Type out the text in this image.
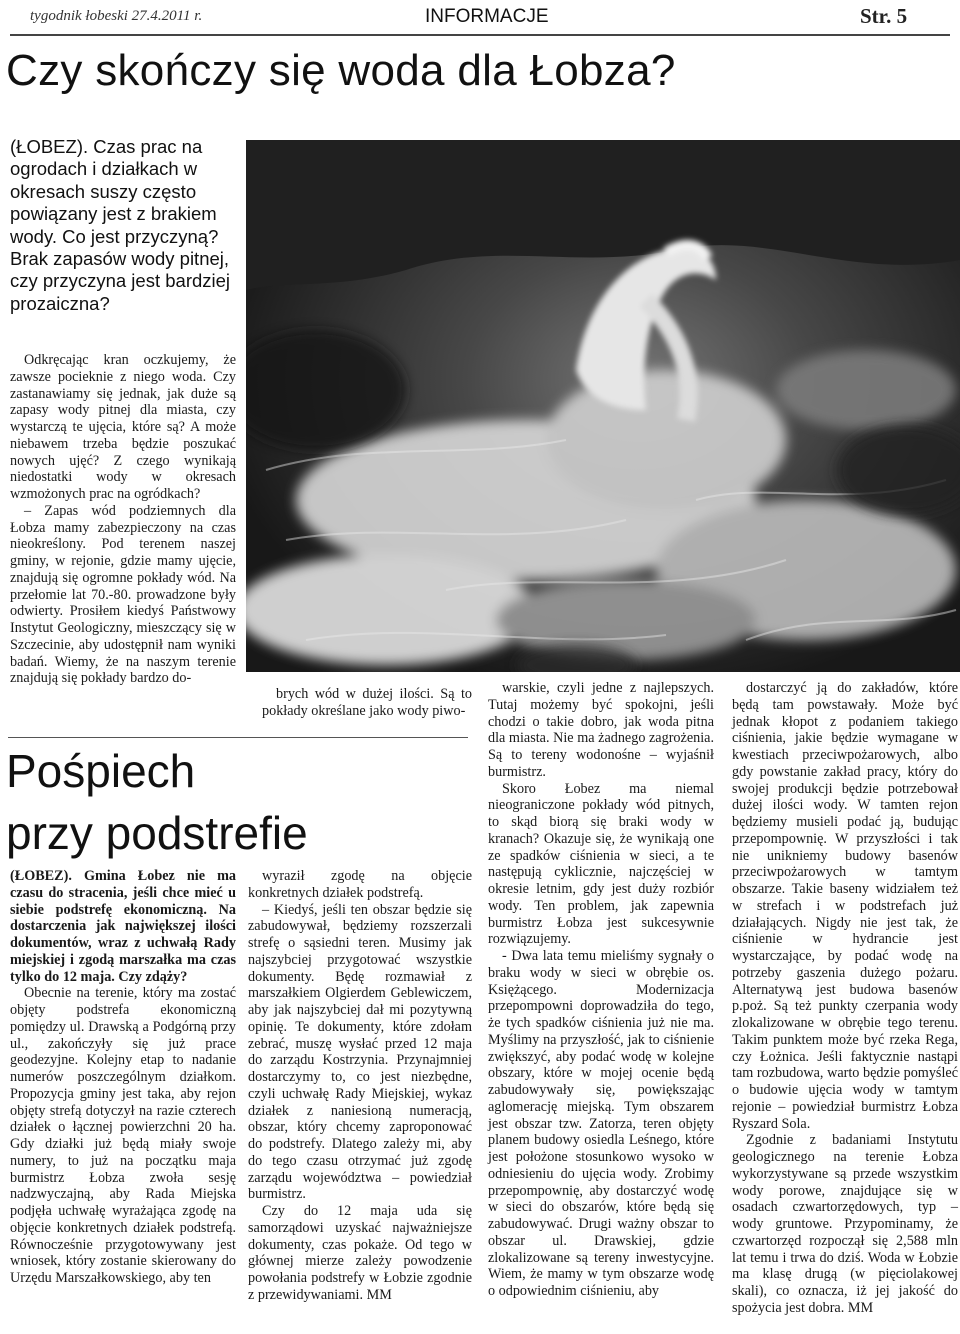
tygodnik łobeski 27.4.2011 r.	INFORMACJE	Str. 5
Czy skończy się woda dla Łobza?
(ŁOBEZ). Czas prac na ogrodach i działkach w okresach suszy często powiązany jest z brakiem wody. Co jest przyczyną? Brak zapasów wody pitnej, czy przyczyna jest bardziej prozaiczna?

Odkręcając kran oczkujemy, że zawsze pocieknie z niego woda. Czy zastanawiamy się jednak, jak duże są zapasy wody pitnej dla miasta, czy wystarczą te ujęcia, które są? A może niebawem trzeba będzie poszukać nowych ujęć? Z czego wynikają niedostatki wody w okresach wzmożonych prac na ogródkach?

– Zapas wód podziemnych dla Łobza mamy zabezpieczony na czas nieokreślony. Pod terenem naszej gminy, w rejonie, gdzie mamy ujęcie, znajdują się ogromne pokłady wód. Na przełomie lat 70.-80. prowadzone były odwierty. Prosiłem kiedyś Państwowy Instytut Geologiczny, mieszczący się w Szczecinie, aby udostępnił nam wyniki badań. Wiemy, że na naszym terenie znajdują się pokłady bardzo do-

brych wód w dużej ilości. Są to pokłady określane jako wody piwo-

warskie, czyli jedne z najlepszych. Tutaj możemy być spokojni, jeśli chodzi o takie dobro, jak woda pitna dla miasta. Nie ma żadnego zagrożenia. Są to tereny wodonośne – wyjaśnił burmistrz.

Skoro Łobez ma niemal nieograniczone pokłady wód pitnych, to skąd biorą się braki wody w kranach? Okazuje się, że wynikają one ze spadków ciśnienia w sieci, a te następują cyklicznie, najczęściej w okresie letnim, gdy jest duży rozbiór wody. Ten problem, jak zapewnia burmistrz Łobza jest sukcesywnie rozwiązujemy.

- Dwa lata temu mieliśmy sygnały o braku wody w sieci w obrębie os. Księżącego. Modernizacja przepompowni doprowadziła do tego, że tych spadków ciśnienia już nie ma. Myślimy na przyszłość, jak to ciśnienie zwiększyć, aby podać wodę w kolejne obszary, które w mojej ocenie będą zabudowywały się, powiększając aglomerację miejską. Tym obszarem jest obszar tzw. Zatorza, teren objęty planem budowy osiedla Leśnego, które jest położone stosunkowo wysoko w odniesieniu do ujęcia wody. Zrobimy przepompownię, aby dostarczyć wodę w sieci do obszarów, które będą się zabudowywać. Drugi ważny obszar to obszar ul. Drawskiej, gdzie zlokalizowane są tereny inwestycyjne. Wiem, że mamy w tym obszarze wodę o odpowiednim ciśnieniu, aby

dostarczyć ją do zakładów, które będą tam powstawały. Może być jednak kłopot z podaniem takiego ciśnienia, jakie będzie wymagane w kwestiach przeciwpożarowych, albo gdy powstanie zakład pracy, który do swojej produkcji będzie potrzebował dużej ilości wody. W tamten rejon będziemy musieli podać ją, budując przepompownię. W przyszłości i tak nie unikniemy budowy basenów przeciwpożarowych w tamtym obszarze. Takie baseny widziałem też w strefach i w podstrefach już działających. Nigdy nie jest tak, że ciśnienie w hydrancie jest wystarczające, by podać wodę na potrzeby gaszenia dużego pożaru. Alternatywą jest budowa basenów p.poż. Są też punkty czerpania wody zlokalizowane w obrębie tego terenu. Takim punktem może być rzeka Rega, czy Łożnica. Jeśli faktycznie nastąpi tam rozbudowa, warto będzie pomyśleć o budowie ujęcia wody w tamtym rejonie – powiedział burmistrz Łobza Ryszard Sola.

Zgodnie z badaniami Instytutu geologicznego na terenie Łobza wykorzystywane są przede wszystkim wody porowe, znajdujące się w osadach czwartorzędowych, typ – wody gruntowe. Przypominamy, że czwartorzęd rozpoczął się 2,588 mln lat temu i trwa do dziś. Woda w Łobzie ma klasę drugą (w pięciolakowej skali), co oznacza, iż jej jakość do spożycia jest dobra. MM

Pośpiech
przy podstrefie

(ŁOBEZ). Gmina Łobez nie ma czasu do stracenia, jeśli chce mieć u siebie podstrefę ekonomiczną. Na dostarczenia jak największej ilości dokumentów, wraz z uchwałą Rady miejskiej i zgodą marszałka ma czas tylko do 12 maja. Czy zdąży?

Obecnie na terenie, który ma zostać objęty podstrefa ekonomiczną pomiędzy ul. Drawską a Podgórną przy ul., zakończyły się już prace geodezyjne. Kolejny etap to nadanie numerów poszczególnym działkom. Propozycja gminy jest taka, aby rejon objęty strefą dotyczył na razie czterech działek o łącznej powierzchni 20 ha. Gdy działki już będą miały swoje numery, to już na początku maja burmistrz Łobza zwoła sesję nadzwyczajną, aby Rada Miejska podjęła uchwałę wyrażająca zgodę na objęcie konkretnych działek podstrefą. Równocześnie przygotowywany jest wniosek, który zostanie skierowany do Urzędu Marszałkowskiego, aby ten

wyraził zgodę na objęcie konkretnych działek podstrefą.

– Kiedyś, jeśli ten obszar będzie się zabudowywał, będziemy rozszerzali strefę o sąsiedni teren. Musimy jak najszybciej przygotować wszystkie dokumenty. Będę rozmawiał z marszałkiem Olgierdem Geblewiczem, aby jak najszybciej dał mi pozytywną opinię. Te dokumenty, które zdołam zebrać, muszę wysłać przed 12 maja do zarządu Kostrzynia. Przynajmniej dostarczymy to, co jest niezbędne, czyli uchwałę Rady Miejskiej, wykaz działek z naniesioną numeracją, obszar, który chcemy zaproponować do podstrefy. Dlatego zależy mi, aby do tego czasu otrzymać już zgodę zarządu województwa – powiedział burmistrz.

Czy do 12 maja uda się samorządowi uzyskać najważniejsze dokumenty, czas pokaże. Od tego w głównej mierze zależy powodzenie powołania podstrefy w Łobzie zgodnie z przewidywaniami. MM
